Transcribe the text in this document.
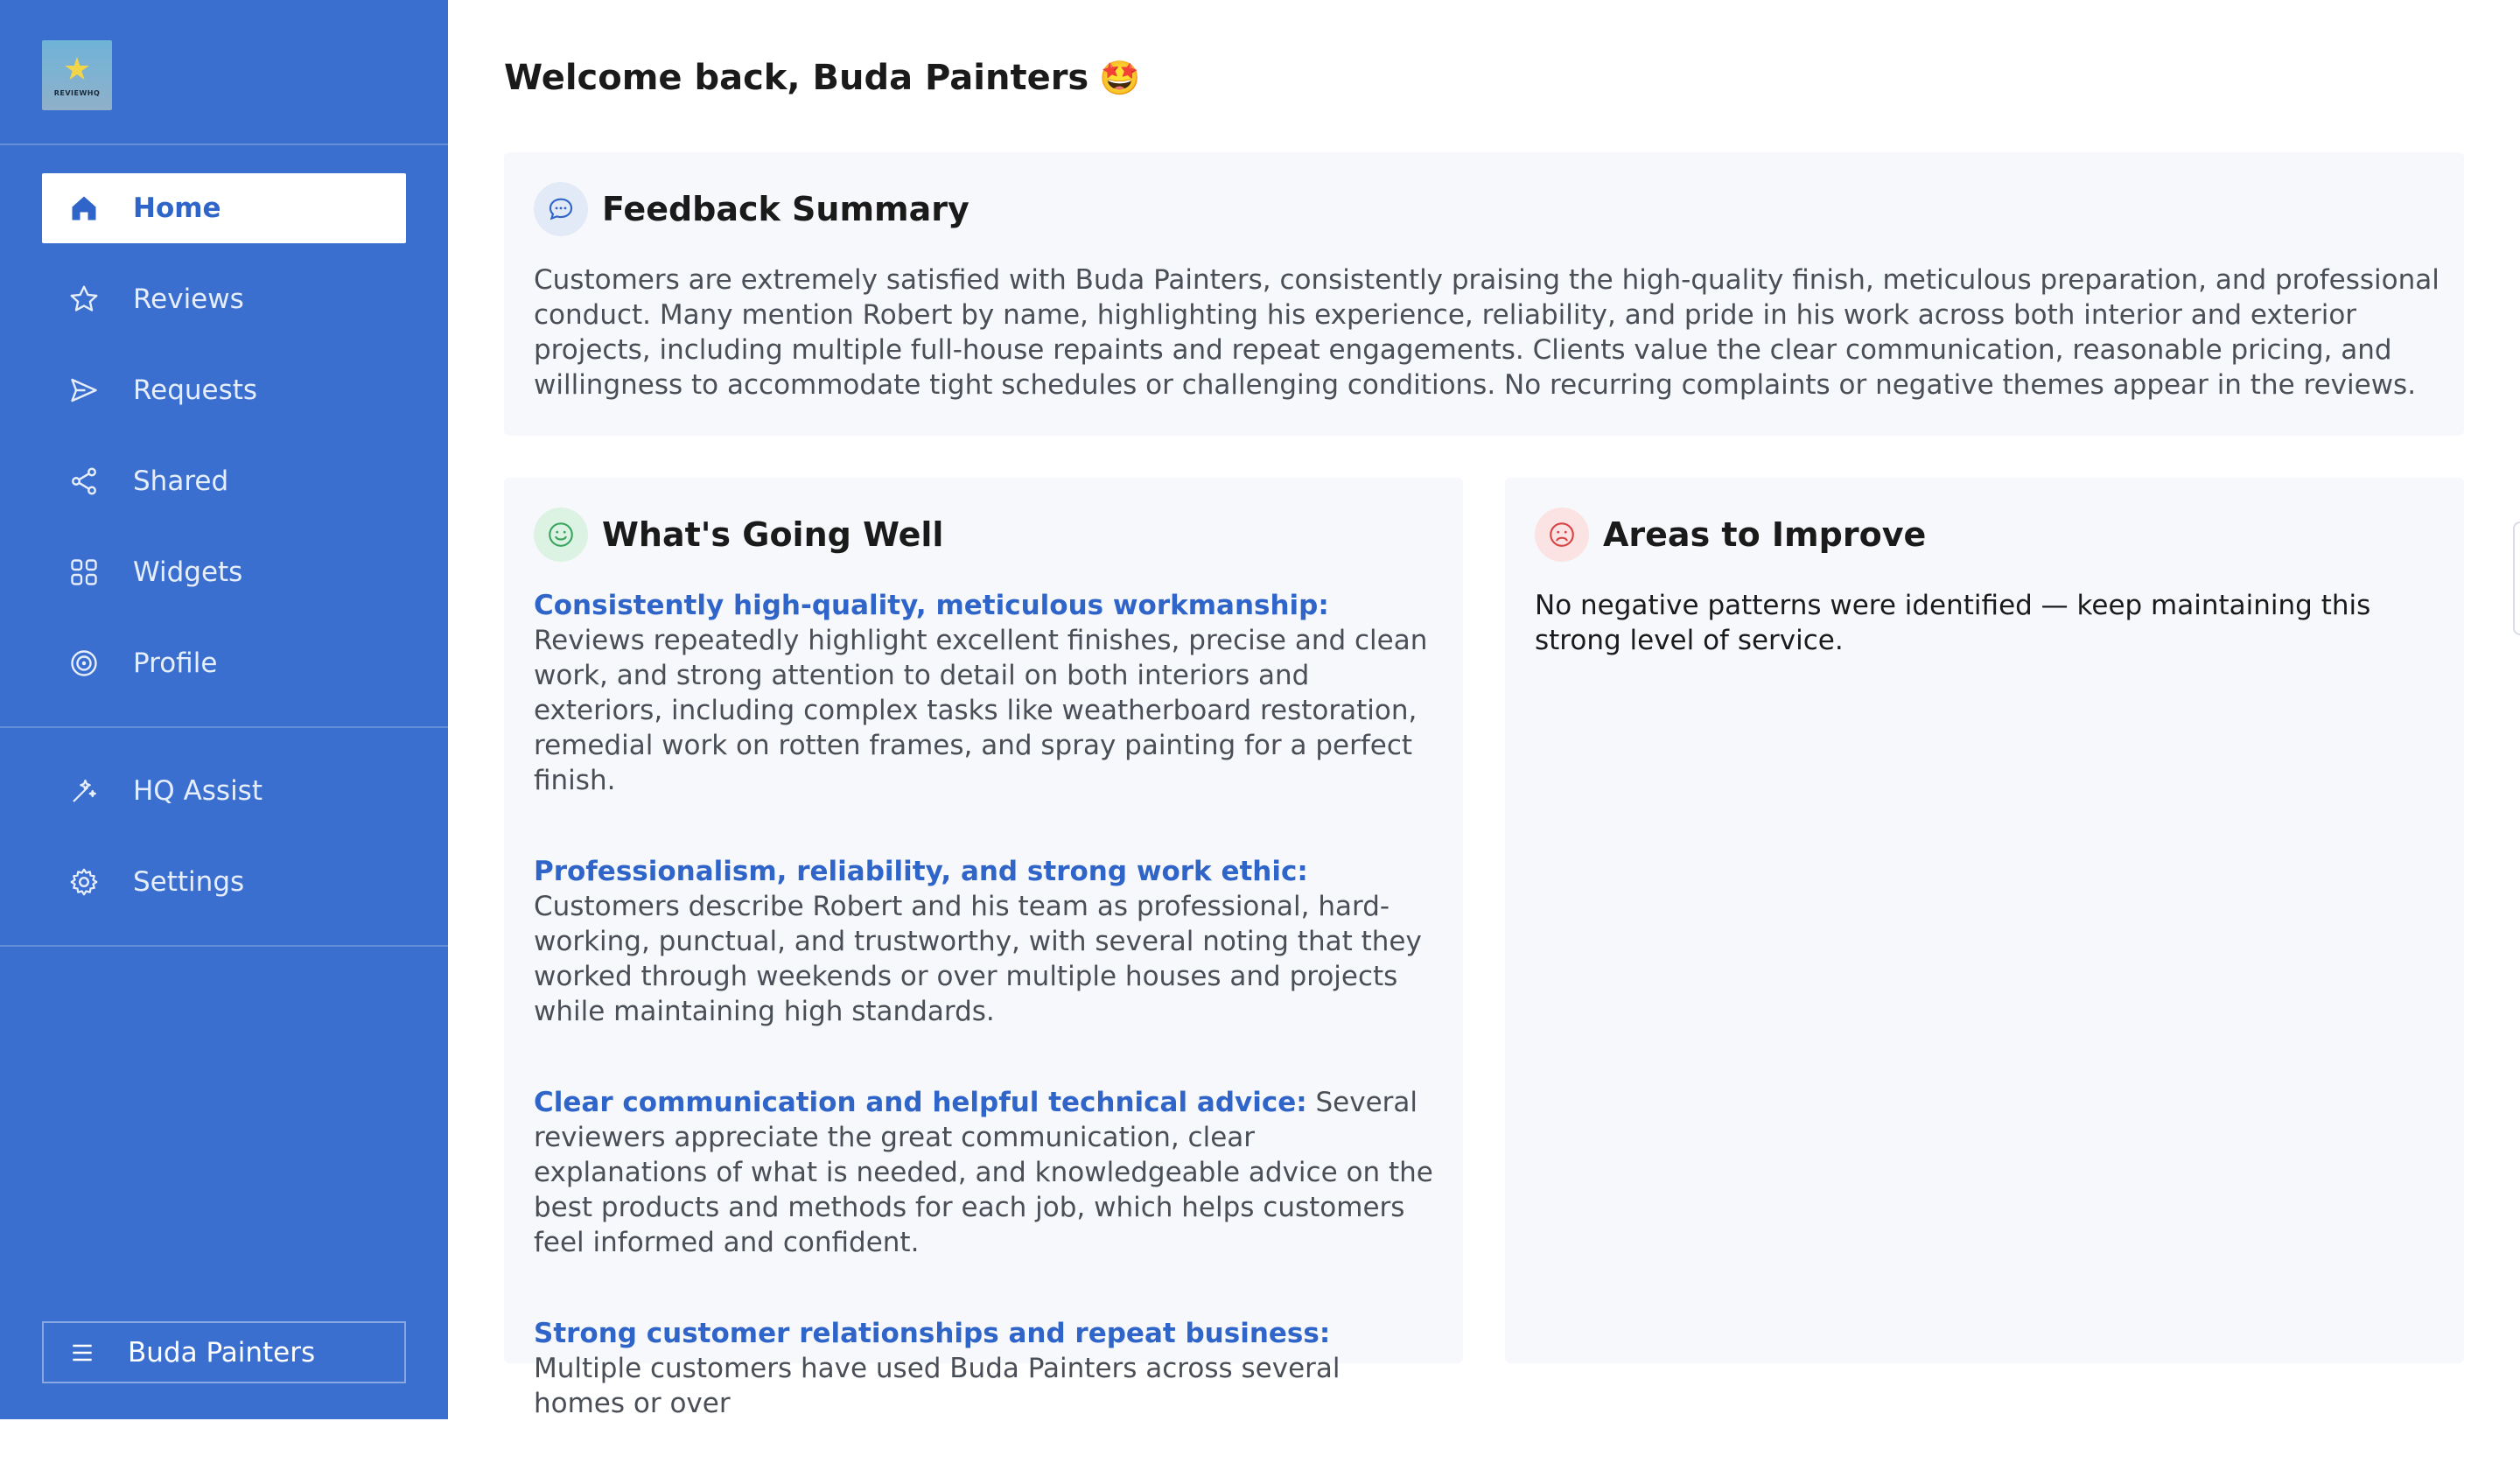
★
REVIEWHQ
Home
Reviews
Requests
Shared
Widgets
Profile
HQ Assist
Settings
Buda Painters
Welcome back, Buda Painters 🤩
Feedback Summary

Customers are extremely satisfied with Buda Painters, consistently praising the high-quality finish, meticulous preparation, and professional conduct. Many mention Robert by name, highlighting his experience, reliability, and pride in his work across both interior and exterior projects, including multiple full-house repaints and repeat engagements. Clients value the clear communication, reasonable pricing, and willingness to accommodate tight schedules or challenging conditions. No recurring complaints or negative themes appear in the reviews.

What's Going Well

Consistently high-quality, meticulous workmanship: Reviews repeatedly highlight excellent finishes, precise and clean work, and strong attention to detail on both interiors and exteriors, including complex tasks like weatherboard restoration, remedial work on rotten frames, and spray painting for a perfect finish.

Professionalism, reliability, and strong work ethic: Customers describe Robert and his team as professional, hard-working, punctual, and trustworthy, with several noting that they worked through weekends or over multiple houses and projects while maintaining high standards.

Clear communication and helpful technical advice: Several reviewers appreciate the great communication, clear explanations of what is needed, and knowledgeable advice on the best products and methods for each job, which helps customers feel informed and confident.

Strong customer relationships and repeat business: Multiple customers have used Buda Painters across several homes or over

Areas to Improve

No negative patterns were identified — keep maintaining this strong level of service.
